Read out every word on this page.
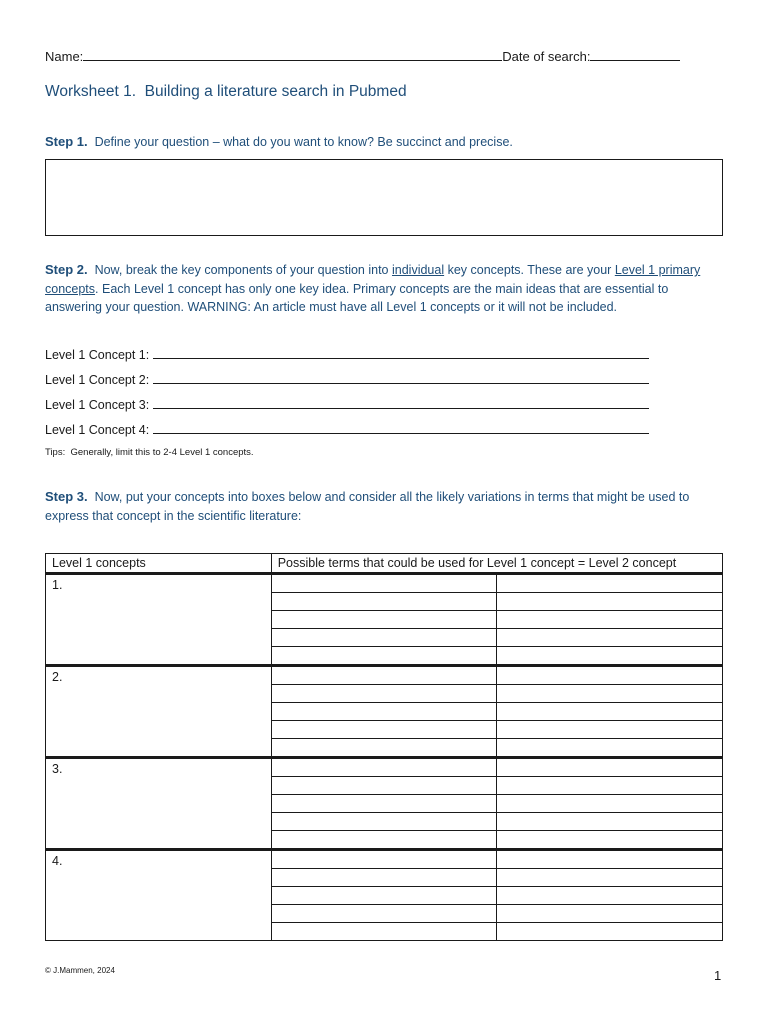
Name:	Date of search:
Worksheet 1.  Building a literature search in Pubmed
Step 1. Define your question – what do you want to know? Be succinct and precise.
Step 2. Now, break the key components of your question into individual key concepts. These are your Level 1 primary concepts. Each Level 1 concept has only one key idea. Primary concepts are the main ideas that are essential to answering your question. WARNING: An article must have all Level 1 concepts or it will not be included.
Level 1 Concept 1:
Level 1 Concept 2:
Level 1 Concept 3:
Level 1 Concept 4:
Tips:  Generally, limit this to 2-4 Level 1 concepts.
Step 3. Now, put your concepts into boxes below and consider all the likely variations in terms that might be used to express that concept in the scientific literature:
Level 1 concepts	Possible terms that could be used for Level 1 concept = Level 2 concept	
1.		

2.		

3.		

4.		

© J.Mammen, 2024	1
